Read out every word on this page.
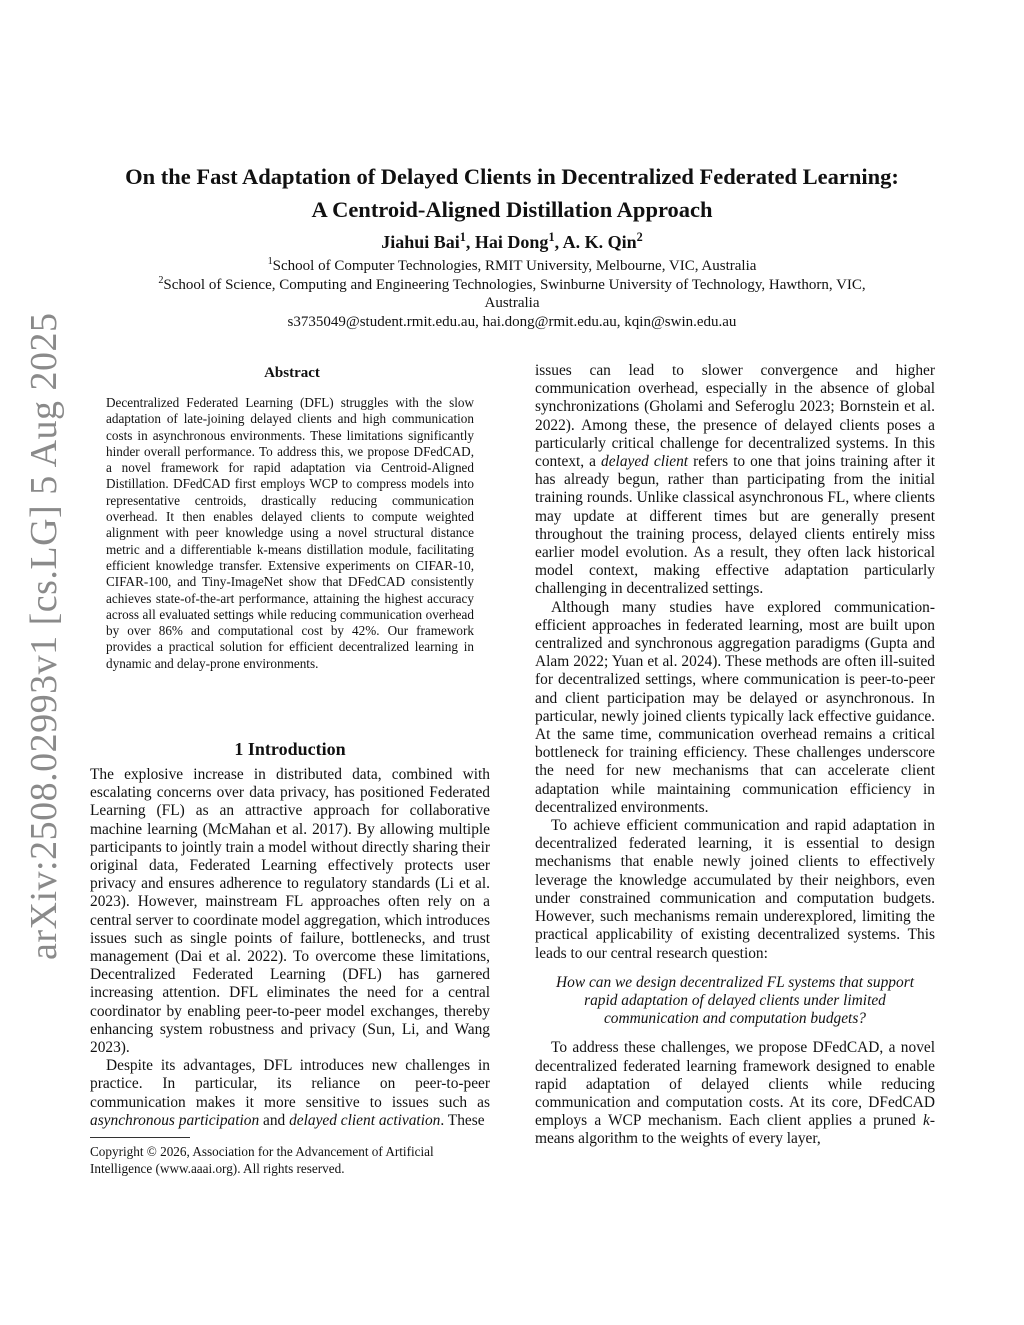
arXiv:2508.02993v1 [cs.LG] 5 Aug 2025
On the Fast Adaptation of Delayed Clients in Decentralized Federated Learning:
A Centroid-Aligned Distillation Approach
Jiahui Bai$^1$, Hai Dong$^1$, A. K. Qin$^2$
$^1$School of Computer Technologies, RMIT University, Melbourne, VIC, Australia
$^2$School of Science, Computing and Engineering Technologies, Swinburne University of Technology, Hawthorn, VIC,
Australia
s3735049@student.rmit.edu.au, hai.dong@rmit.edu.au, kqin@swin.edu.au
Abstract
Decentralized Federated Learning (DFL) struggles with the slow adaptation of late-joining delayed clients and high communication costs in asynchronous environments. These limitations significantly hinder overall performance. To address this, we propose DFedCAD, a novel framework for rapid adaptation via Centroid-Aligned Distillation. DFedCAD first employs WCP to compress models into representative centroids, drastically reducing communication overhead. It then enables delayed clients to compute weighted alignment with peer knowledge using a novel structural distance metric and a differentiable k-means distillation module, facilitating efficient knowledge transfer. Extensive experiments on CIFAR-10, CIFAR-100, and Tiny-ImageNet show that DFedCAD consistently achieves state-of-the-art performance, attaining the highest accuracy across all evaluated settings while reducing communication overhead by over 86% and computational cost by 42%. Our framework provides a practical solution for efficient decentralized learning in dynamic and delay-prone environments.
1 Introduction

The explosive increase in distributed data, combined with escalating concerns over data privacy, has positioned Federated Learning (FL) as an attractive approach for collaborative machine learning (McMahan et al. 2017). By allowing multiple participants to jointly train a model without directly sharing their original data, Federated Learning effectively protects user privacy and ensures adherence to regulatory standards (Li et al. 2023). However, mainstream FL approaches often rely on a central server to coordinate model aggregation, which introduces issues such as single points of failure, bottlenecks, and trust management (Dai et al. 2022). To overcome these limitations, Decentralized Federated Learning (DFL) has garnered increasing attention. DFL eliminates the need for a central coordinator by enabling peer-to-peer model exchanges, thereby enhancing system robustness and privacy (Sun, Li, and Wang 2023).

Despite its advantages, DFL introduces new challenges in practice. In particular, its reliance on peer-to-peer communication makes it more sensitive to issues such as asynchronous participation and delayed client activation. These

Copyright © 2026, Association for the Advancement of Artificial
Intelligence (www.aaai.org). All rights reserved.

issues can lead to slower convergence and higher communication overhead, especially in the absence of global synchronizations (Gholami and Seferoglu 2023; Bornstein et al. 2022). Among these, the presence of delayed clients poses a particularly critical challenge for decentralized systems. In this context, a delayed client refers to one that joins training after it has already begun, rather than participating from the initial training rounds. Unlike classical asynchronous FL, where clients may update at different times but are generally present throughout the training process, delayed clients entirely miss earlier model evolution. As a result, they often lack historical model context, making effective adaptation particularly challenging in decentralized settings.

Although many studies have explored communication-efficient approaches in federated learning, most are built upon centralized and synchronous aggregation paradigms (Gupta and Alam 2022; Yuan et al. 2024). These methods are often ill-suited for decentralized settings, where communication is peer-to-peer and client participation may be delayed or asynchronous. In particular, newly joined clients typically lack effective guidance. At the same time, communication overhead remains a critical bottleneck for training efficiency. These challenges underscore the need for new mechanisms that can accelerate client adaptation while maintaining communication efficiency in decentralized environments.

To achieve efficient communication and rapid adaptation in decentralized federated learning, it is essential to design mechanisms that enable newly joined clients to effectively leverage the knowledge accumulated by their neighbors, even under constrained communication and computation budgets. However, such mechanisms remain underexplored, limiting the practical applicability of existing decentralized systems. This leads to our central research question:

How can we design decentralized FL systems that support
rapid adaptation of delayed clients under limited
communication and computation budgets?

To address these challenges, we propose DFedCAD, a novel decentralized federated learning framework designed to enable rapid adaptation of delayed clients while reducing communication and computation costs. At its core, DFedCAD employs a WCP mechanism. Each client applies a pruned k-means algorithm to the weights of every layer,
